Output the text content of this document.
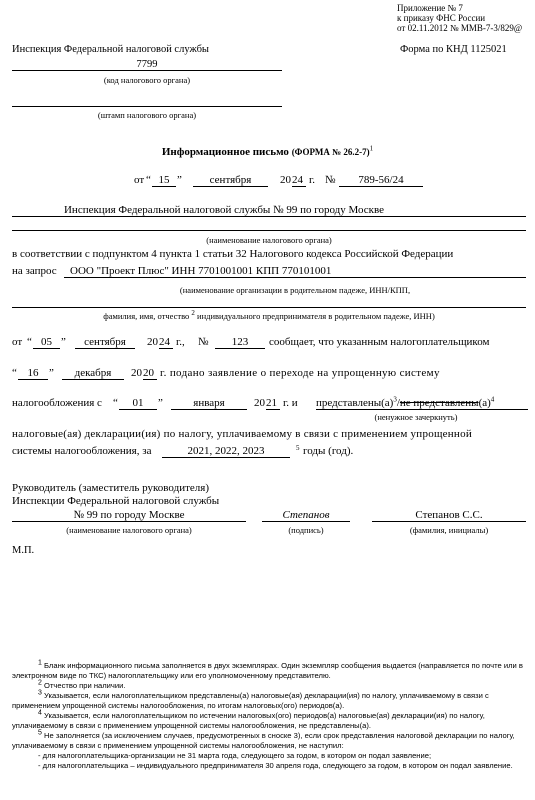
Приложение № 7
к приказу ФНС России
от 02.11.2012 № ММВ-7-3/829@
Инспекция Федеральной налоговой службы
7799
(код налогового органа)
Форма по КНД 1125021
(штамп налогового органа)
Информационное письмо (ФОРМА № 26.2-7)$^1$
от “ 15 ”	сентября	20 24 г. №	789-56/24
Инспекция Федеральной налоговой службы № 99 по городу Москве
(наименование налогового органа)
в соответствии с подпунктом 4 пункта 1 статьи 32 Налогового кодекса Российской Федерации
на запрос	ООО "Проект Плюс" ИНН 7701001001 КПП 770101001
(наименование организации в родительном падеже, ИНН/КПП,
фамилия, имя, отчество $^2$ индивидуального предпринимателя в родительном падеже, ИНН)
от “ 05 ”	сентября	20 24 г., №	123	сообщает, что указанным налогоплательщиком
“ 16 ”	декабря	20 20 г. подано заявление о переходе на упрощенную систему
налогообложения с “	01	”	января	20 21 г. и $представлены(а)^3/не$ $представлены(а)^4$
(ненужное зачеркнуть)
налоговые(ая) декларации(ия) по налогу, уплачиваемому в связи с применением упрощенной
системы налогообложения, за	2021, 2022, 2023	5 годы (год).
Руководитель (заместитель руководителя)
Инспекции Федеральной налоговой службы
№ 99 по городу Москве
(наименование налогового органа)
Степанов
(подпись)
Степанов С.С.
(фамилия, инициалы)
М.П.
$^1$ Бланк информационного письма заполняется в двух экземплярах. Один экземпляр сообщения выдается (направляется по почте или в электронном виде по ТКС) налогоплательщику или его уполномоченному представителю.
$^2$ Отчество при наличии.
$^3$ Указывается, если налогоплательщиком представлены(а) налоговые(ая) декларации(ия) по налогу, уплачиваемому в связи с применением упрощенной системы налогообложения, по итогам налоговых(ого) периодов(а).
$^4$ Указывается, если налогоплательщиком по истечении налоговых(ого) периодов(а) налоговые(ая) декларации(ия) по налогу, уплачиваемому в связи с применением упрощенной системы налогообложения, не представлены(а).
$^5$ Не заполняется (за исключением случаев, предусмотренных в сноске 3), если срок представления налоговой декларации по налогу, уплачиваемому в связи с применением упрощенной системы налогообложения, не наступил:
- для налогоплательщика-организации не 31 марта года, следующего за годом, в котором он подал заявление;
- для налогоплательщика – индивидуального предпринимателя 30 апреля года, следующего за годом, в котором он подал заявление.
